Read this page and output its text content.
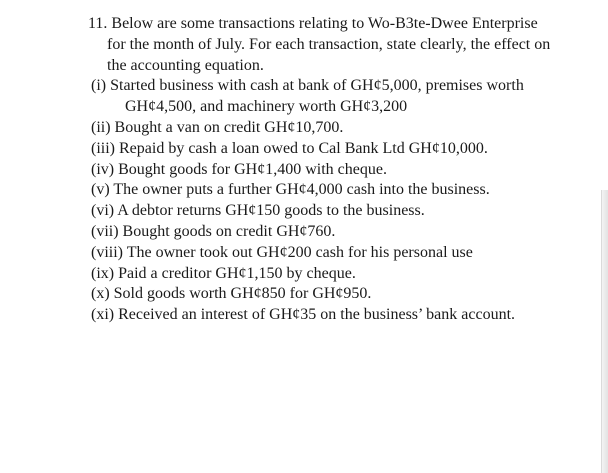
11. Below are some transactions relating to Wo-B3te-Dwee Enterprise for the month of July. For each transaction, state clearly, the effect on the accounting equation.

(i) Started business with cash at bank of GH¢5,000, premises worth GH¢4,500, and machinery worth GH¢3,200
(ii) Bought a van on credit GH¢10,700.
(iii) Repaid by cash a loan owed to Cal Bank Ltd GH¢10,000.
(iv) Bought goods for GH¢1,400 with cheque.
(v) The owner puts a further GH¢4,000 cash into the business.
(vi) A debtor returns GH¢150 goods to the business.
(vii) Bought goods on credit GH¢760.
(viii) The owner took out GH¢200 cash for his personal use
(ix) Paid a creditor GH¢1,150 by cheque.
(x) Sold goods worth GH¢850 for GH¢950.
(xi) Received an interest of GH¢35 on the business’ bank account.
